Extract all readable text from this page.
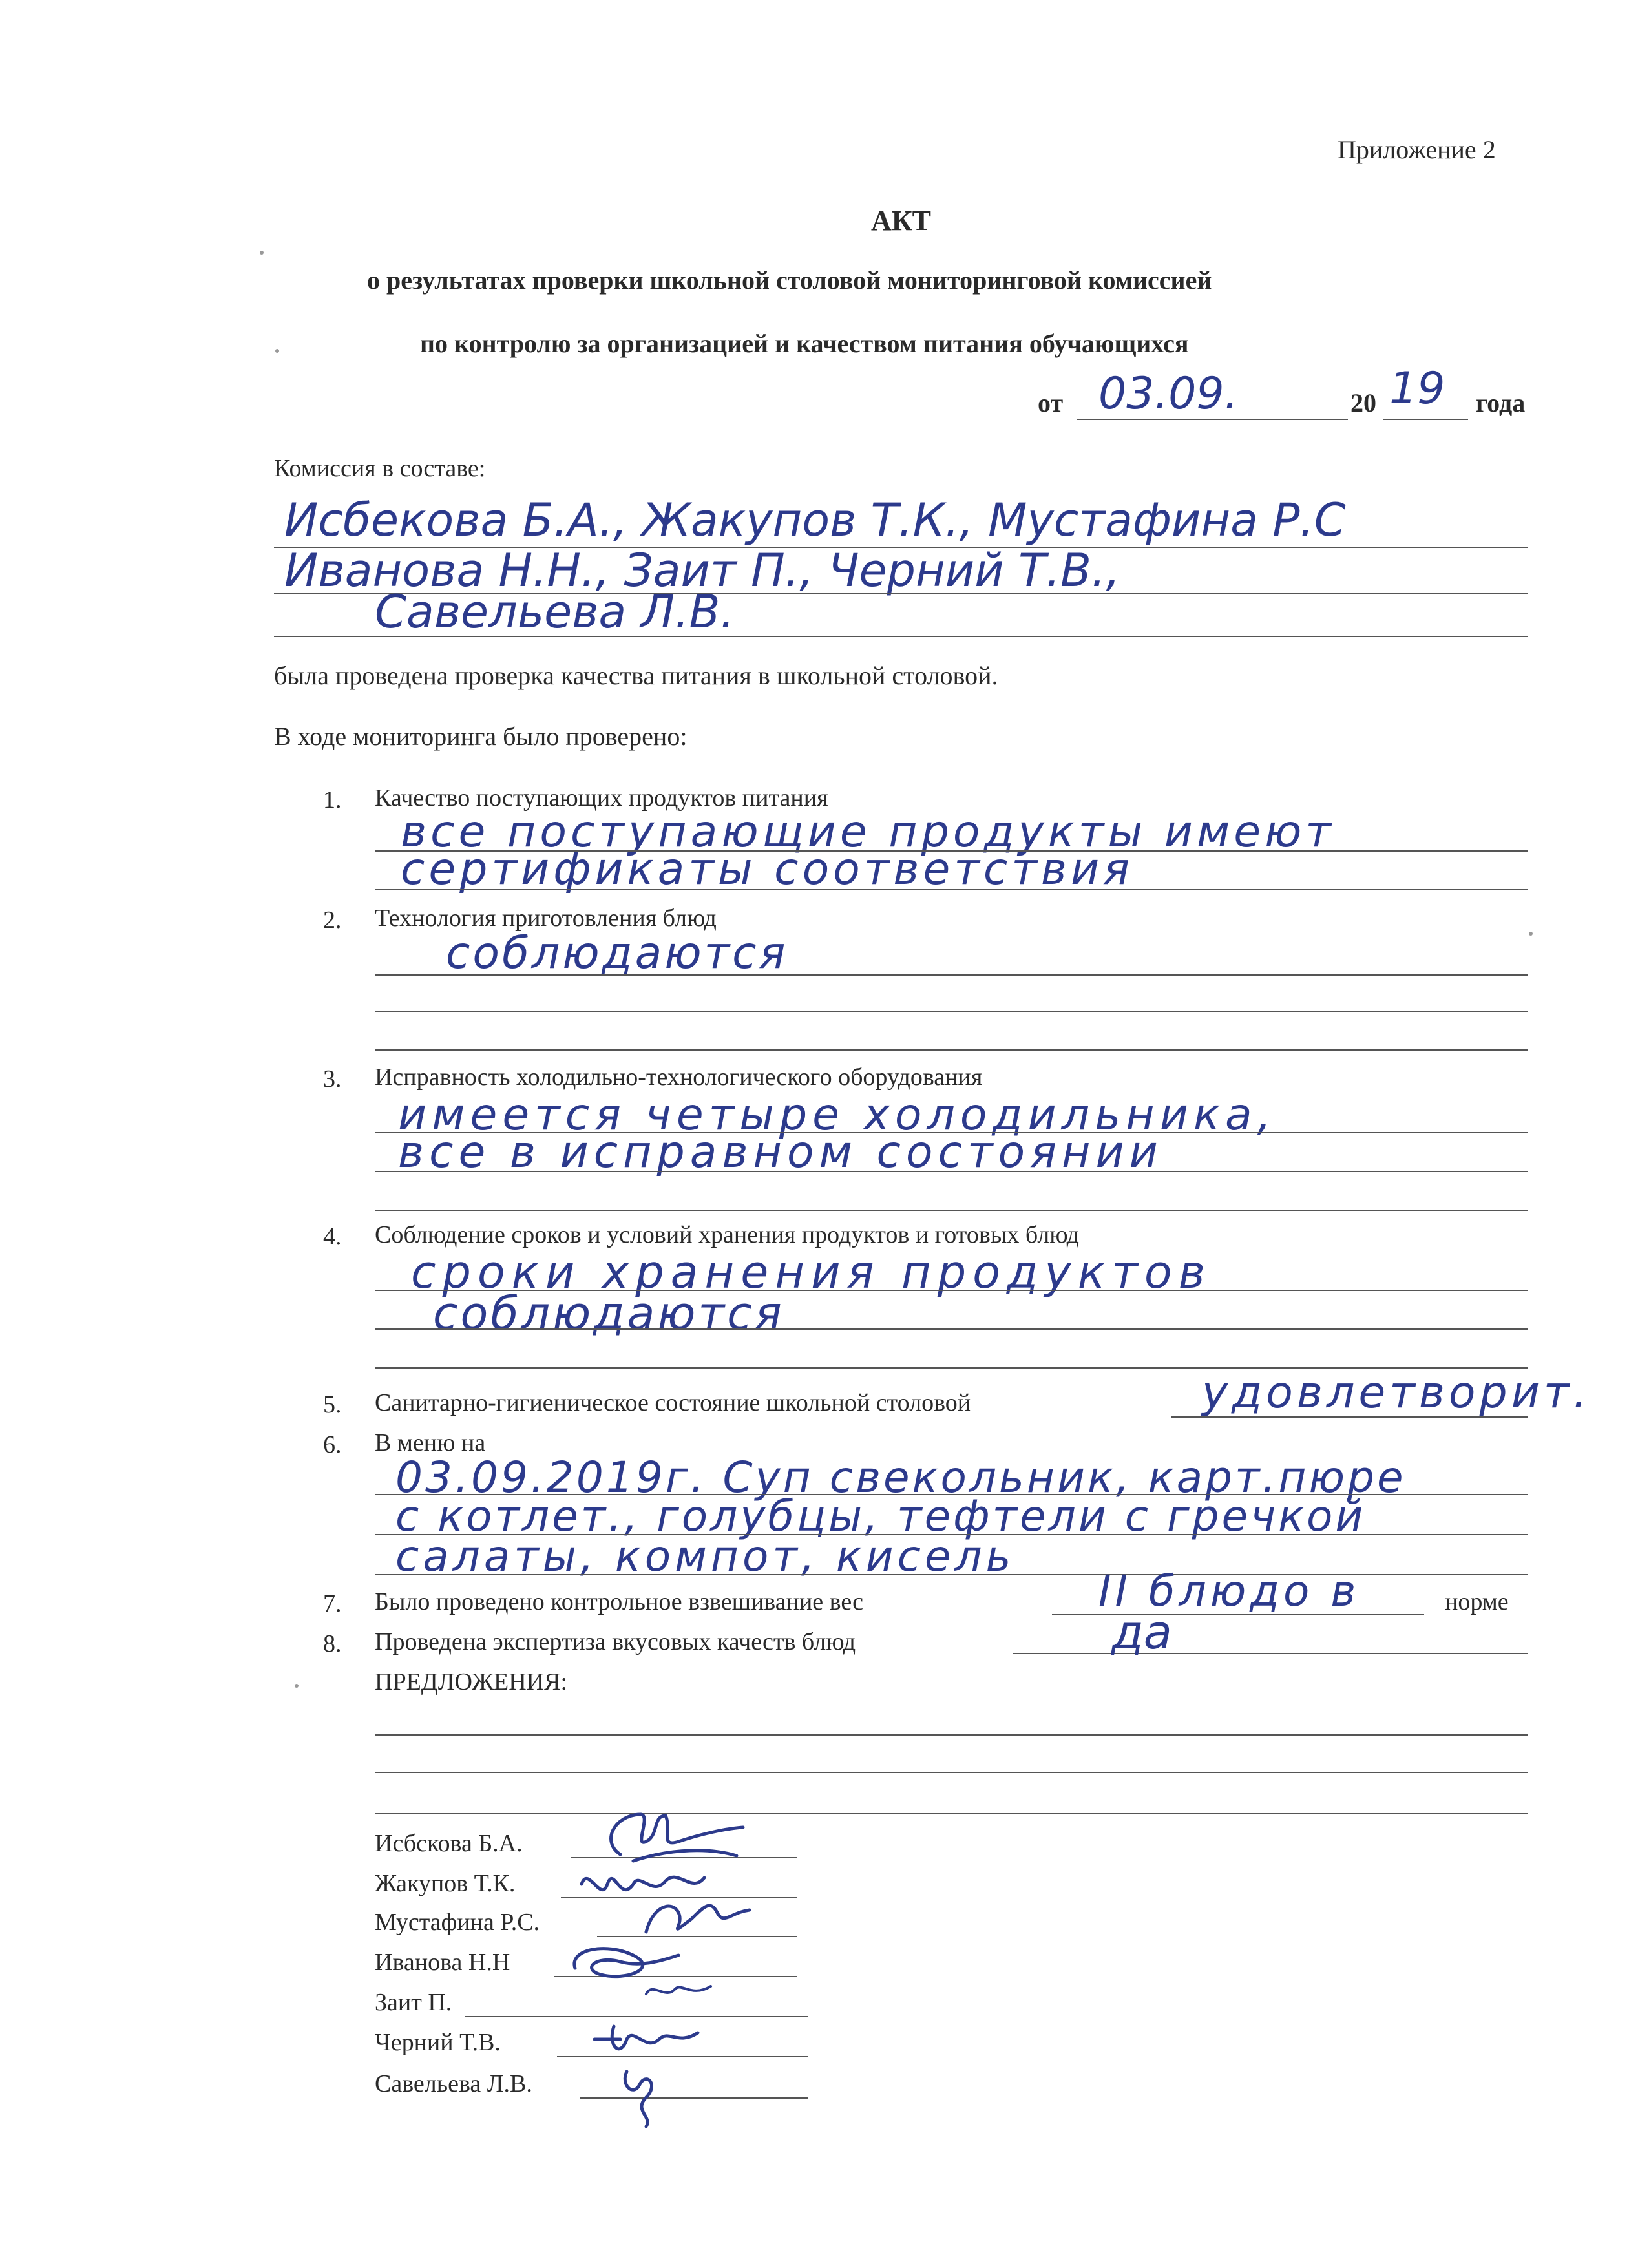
Приложение 2
АКТ
о результатах проверки школьной столовой мониторинговой комиссией
по контролю за организацией и качеством питания обучающихся
от 03.09.	20 19 года
Комиссия в составе:
Исбекова Б.А., Жакупов Т.К., Мустафина Р.С
Иванова Н.Н., Заит П., Черний Т.В.,
Савельева Л.В.
была проведена проверка качества питания в школьной столовой.
В ходе мониторинга было проверено:
1. Качество поступающих продуктов питания
все поступающие продукты имеют
сертификаты соответствия
2. Технология приготовления блюд
соблюдаются
3. Исправность холодильно-технологического оборудования
имеется четыре холодильника,
все в исправном состоянии
4. Соблюдение сроков и условий хранения продуктов и готовых блюд
сроки хранения продуктов
соблюдаются
5. Санитарно-гигиеническое состояние школьной столовой	удовлетворит.
6. В меню на
03.09.2019г. Суп свекольник, карт.пюре
с котлет., голубцы, тефтели с гречкой
салаты, компот, кисель
7. Было проведено контрольное взвешивание вес	II блюдо в	норме
8. Проведена экспертиза вкусовых качеств блюд	да
ПРЕДЛОЖЕНИЯ:
Исбскова Б.А.
Жакупов Т.К.
Мустафина Р.С.
Иванова Н.Н
Заит П.
Черний Т.В.
Савельева Л.В.
